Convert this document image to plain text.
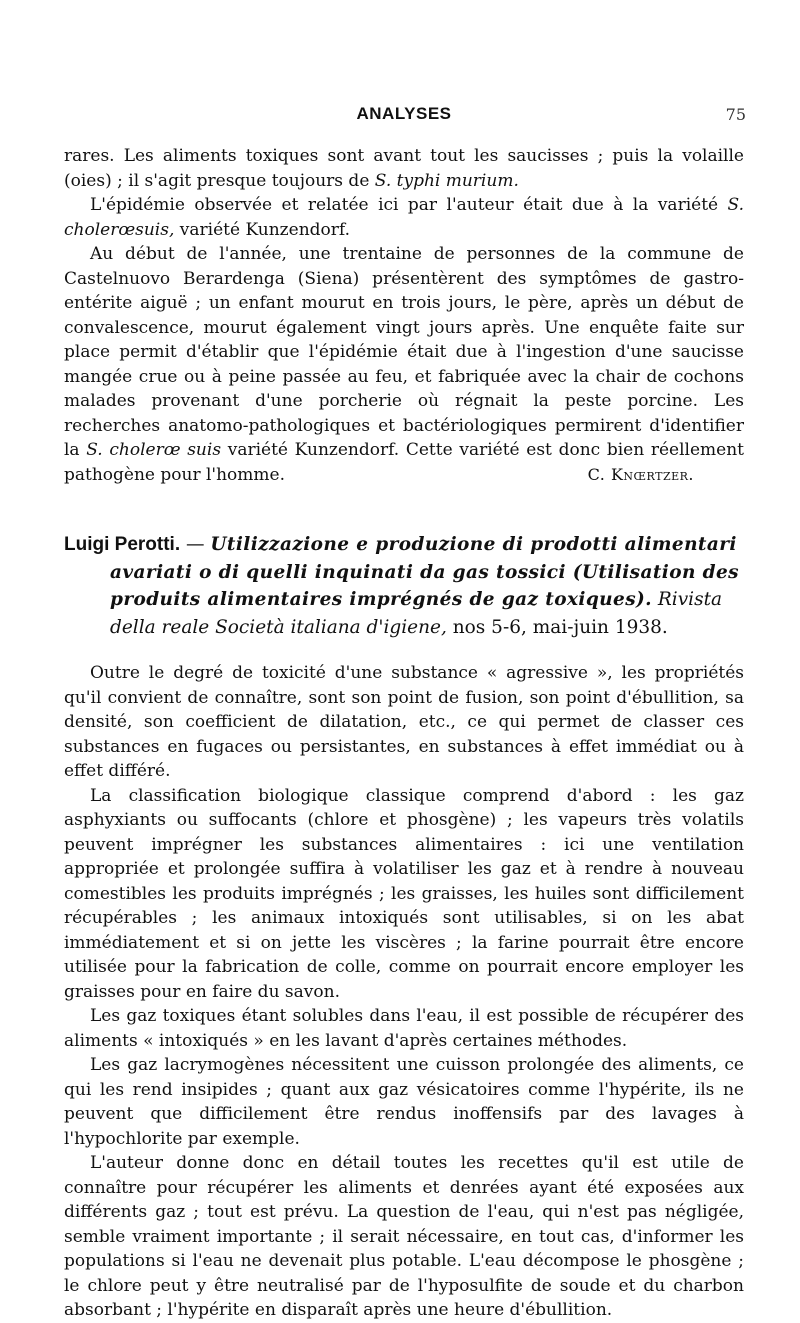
ANALYSES	75

rares. Les aliments toxiques sont avant tout les saucisses ; puis la volaille (oies) ; il s'agit presque toujours de S. typhi murium.

L'épidémie observée et relatée ici par l'auteur était due à la variété S. cholerœsuis, variété Kunzendorf.

Au début de l'année, une trentaine de personnes de la commune de Castelnuovo Berardenga (Siena) présentèrent des symptômes de gastro-entérite aiguë ; un enfant mourut en trois jours, le père, après un début de convalescence, mourut également vingt jours après. Une enquête faite sur place permit d'établir que l'épidémie était due à l'ingestion d'une saucisse mangée crue ou à peine passée au feu, et fabriquée avec la chair de cochons malades provenant d'une porcherie où régnait la peste porcine. Les recherches anatomo-pathologiques et bactériologiques permirent d'identifier la S. cholerœ suis variété Kunzendorf. Cette variété est donc bien réellement pathogène pour l'homme.	C. Knœrtzer.

Luigi Perotti. — Utilizzazione e produzione di prodotti alimentari avariati o di quelli inquinati da gas tossici (Utilisation des produits alimentaires imprégnés de gaz toxiques). Rivista della reale Società italiana d'igiene, nos 5-6, mai-juin 1938.

Outre le degré de toxicité d'une substance « agressive », les propriétés qu'il convient de connaître, sont son point de fusion, son point d'ébullition, sa densité, son coefficient de dilatation, etc., ce qui permet de classer ces substances en fugaces ou persistantes, en substances à effet immédiat ou à effet différé.

La classification biologique classique comprend d'abord : les gaz asphyxiants ou suffocants (chlore et phosgène) ; les vapeurs très volatils peuvent imprégner les substances alimentaires : ici une ventilation appropriée et prolongée suffira à volatiliser les gaz et à rendre à nouveau comestibles les produits imprégnés ; les graisses, les huiles sont difficilement récupérables ; les animaux intoxiqués sont utilisables, si on les abat immédiatement et si on jette les viscères ; la farine pourrait être encore utilisée pour la fabrication de colle, comme on pourrait encore employer les graisses pour en faire du savon.

Les gaz toxiques étant solubles dans l'eau, il est possible de récupérer des aliments « intoxiqués » en les lavant d'après certaines méthodes.

Les gaz lacrymogènes nécessitent une cuisson prolongée des aliments, ce qui les rend insipides ; quant aux gaz vésicatoires comme l'hypérite, ils ne peuvent que difficilement être rendus inoffensifs par des lavages à l'hypochlorite par exemple.

L'auteur donne donc en détail toutes les recettes qu'il est utile de connaître pour récupérer les aliments et denrées ayant été exposées aux différents gaz ; tout est prévu. La question de l'eau, qui n'est pas négligée, semble vraiment importante ; il serait nécessaire, en tout cas, d'informer les populations si l'eau ne devenait plus potable. L'eau décompose le phosgène ; le chlore peut y être neutralisé par de l'hyposulfite de soude et du charbon absorbant ; l'hypérite en disparaît après une heure d'ébullition.
